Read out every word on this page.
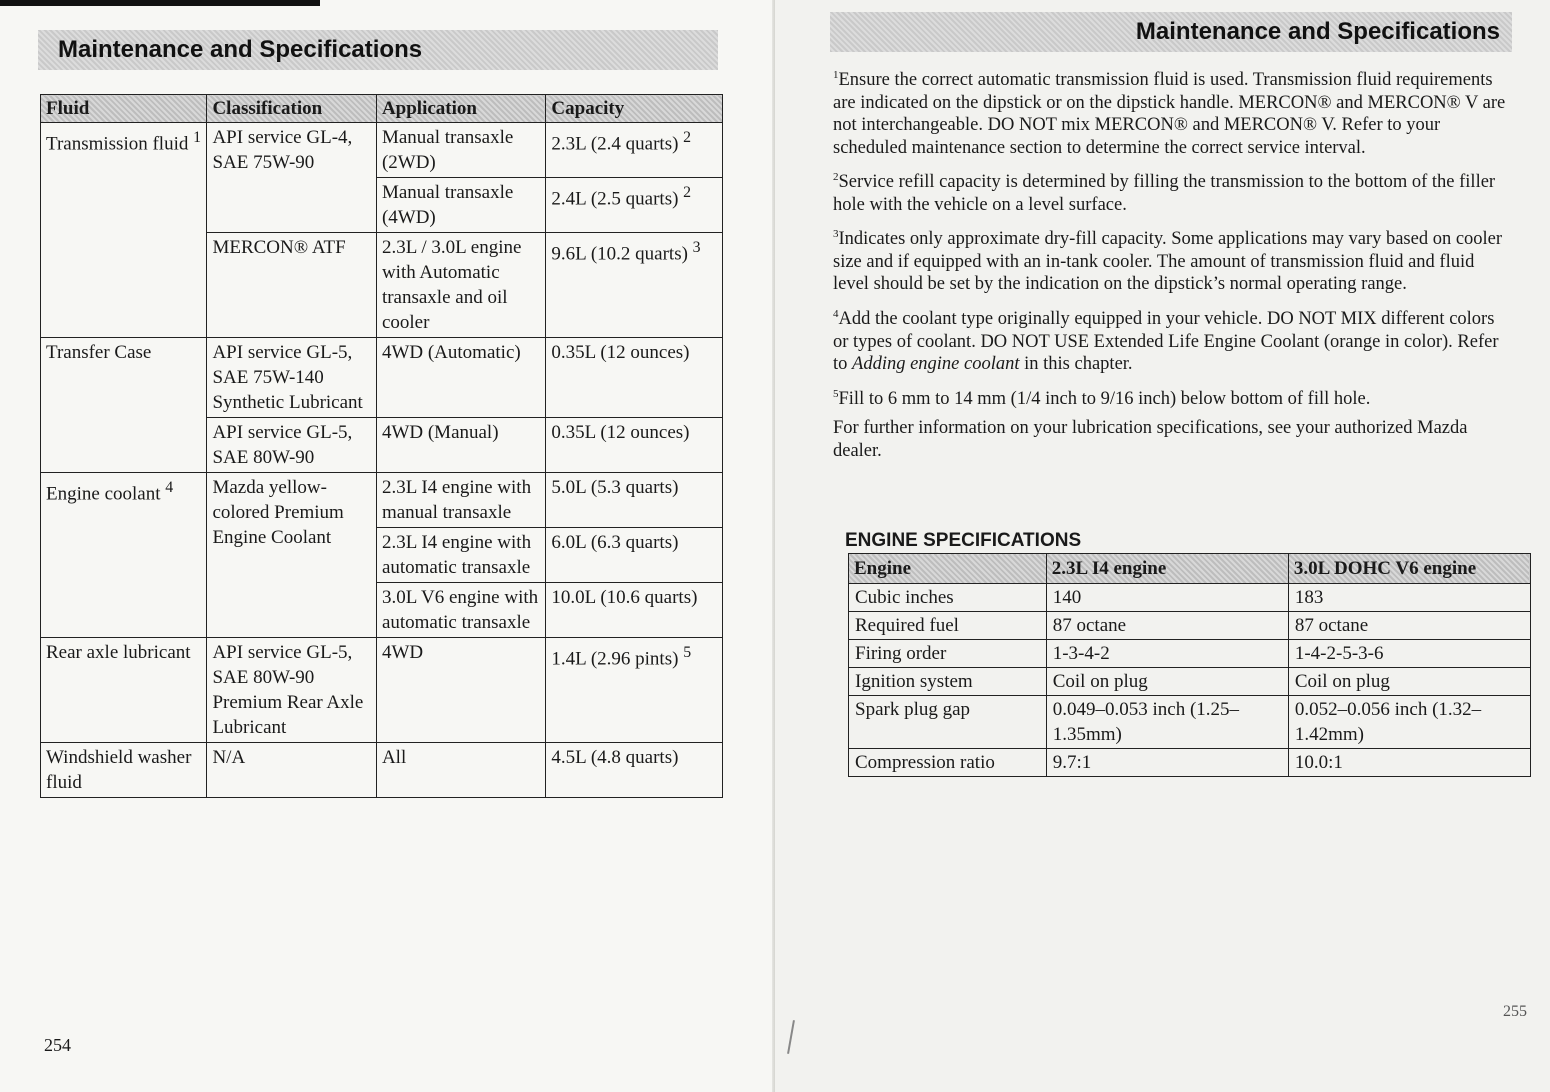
Maintenance and Specifications
Fluid	Classification	Application	Capacity
Transmission fluid $^1$	API service GL-4, SAE 75W-90	Manual transaxle (2WD)	2.3L (2.4 quarts) $^2$
		Manual transaxle (4WD)	2.4L (2.5 quarts) $^2$
	MERCON® ATF	2.3L / 3.0L engine with Automatic transaxle and oil cooler	9.6L (10.2 quarts) $^3$
Transfer Case	API service GL-5, SAE 75W-140 Synthetic Lubricant	4WD (Automatic)	0.35L (12 ounces)
	API service GL-5, SAE 80W-90	4WD (Manual)	0.35L (12 ounces)
Engine coolant $^4$	Mazda yellow-colored Premium Engine Coolant	2.3L I4 engine with manual transaxle	5.0L (5.3 quarts)
		2.3L I4 engine with automatic transaxle	6.0L (6.3 quarts)
		3.0L V6 engine with automatic transaxle	10.0L (10.6 quarts)
Rear axle lubricant	API service GL-5, SAE 80W-90 Premium Rear Axle Lubricant	4WD	1.4L (2.96 pints) $^5$
Windshield washer fluid	N/A	All	4.5L (4.8 quarts)
254
Maintenance and Specifications

$^1$Ensure the correct automatic transmission fluid is used. Transmission fluid requirements are indicated on the dipstick or on the dipstick handle. MERCON® and MERCON® V are not interchangeable. DO NOT mix MERCON® and MERCON® V. Refer to your scheduled maintenance section to determine the correct service interval.

$^2$Service refill capacity is determined by filling the transmission to the bottom of the filler hole with the vehicle on a level surface.

$^3$Indicates only approximate dry-fill capacity. Some applications may vary based on cooler size and if equipped with an in-tank cooler. The amount of transmission fluid and fluid level should be set by the indication on the dipstick’s normal operating range.

$^4$Add the coolant type originally equipped in your vehicle. DO NOT MIX different colors or types of coolant. DO NOT USE Extended Life Engine Coolant (orange in color). Refer to Adding engine coolant in this chapter.

$^5$Fill to 6 mm to 14 mm (1/4 inch to 9/16 inch) below bottom of fill hole.

For further information on your lubrication specifications, see your authorized Mazda dealer.

ENGINE SPECIFICATIONS
Engine	2.3L I4 engine	3.0L DOHC V6 engine
Cubic inches	140	183
Required fuel	87 octane	87 octane
Firing order	1-3-4-2	1-4-2-5-3-6
Ignition system	Coil on plug	Coil on plug
Spark plug gap	0.049–0.053 inch (1.25–1.35mm)	0.052–0.056 inch (1.32–1.42mm)
Compression ratio	9.7:1	10.0:1
255
